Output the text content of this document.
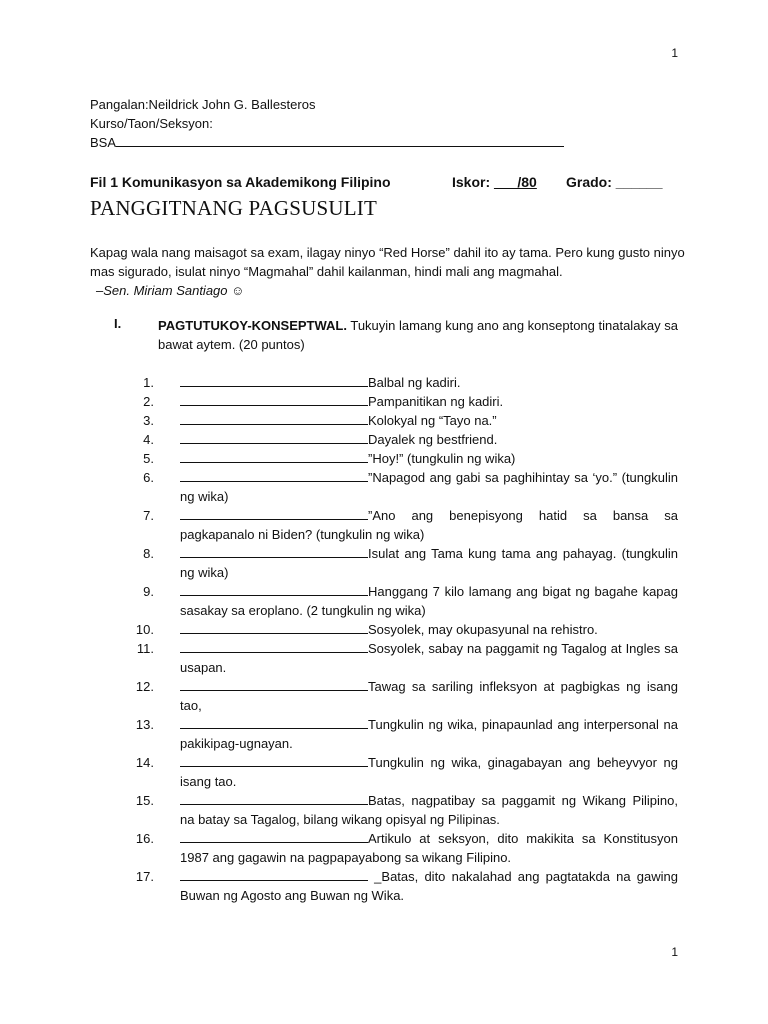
1
Pangalan:Neildrick John G. Ballesteros
Kurso/Taon/Seksyon:
BSA
Fil 1 Komunikasyon sa Akademikong Filipino	Iskor: ___/80 Grado: ______
PANGGITNANG PAGSUSULIT
Kapag wala nang maisagot sa exam, ilagay ninyo “Red Horse” dahil ito ay tama. Pero kung gusto ninyo mas sigurado, isulat ninyo “Magmahal” dahil kailanman, hindi mali ang magmahal.
–Sen. Miriam Santiago ☺
I.	PAGTUTUKOY-KONSEPTWAL. Tukuyin lamang kung ano ang konseptong tinatalakay sa bawat aytem. (20 puntos)
1.	Balbal ng kadiri.
2.	Pampanitikan ng kadiri.
3.	Kolokyal ng “Tayo na.”
4.	Dayalek ng bestfriend.
5.	”Hoy!” (tungkulin ng wika)
6.	”Napagod ang gabi sa paghihintay sa ‘yo.” (tungkulin ng wika)
7.	”Ano ang benepisyong hatid sa bansa sa pagkapanalo ni Biden? (tungkulin ng wika)
8.	Isulat ang Tama kung tama ang pahayag. (tungkulin ng wika)
9.	Hanggang 7 kilo lamang ang bigat ng bagahe kapag sasakay sa eroplano. (2 tungkulin ng wika)
10.	Sosyolek, may okupasyunal na rehistro.
11.	Sosyolek, sabay na paggamit ng Tagalog at Ingles sa usapan.
12.	Tawag sa sariling infleksyon at pagbigkas ng isang tao,
13.	Tungkulin ng wika, pinapaunlad ang interpersonal na pakikipag-ugnayan.
14.	Tungkulin ng wika, ginagabayan ang beheyvyor ng isang tao.
15.	Batas, nagpatibay sa paggamit ng Wikang Pilipino, na batay sa Tagalog, bilang wikang opisyal ng Pilipinas.
16.	Artikulo at seksyon, dito makikita sa Konstitusyon 1987 ang gagawin na pagpapayabong sa wikang Filipino.
17.	_Batas, dito nakalahad ang pagtatakda na gawing Buwan ng Agosto ang Buwan ng Wika.
1
